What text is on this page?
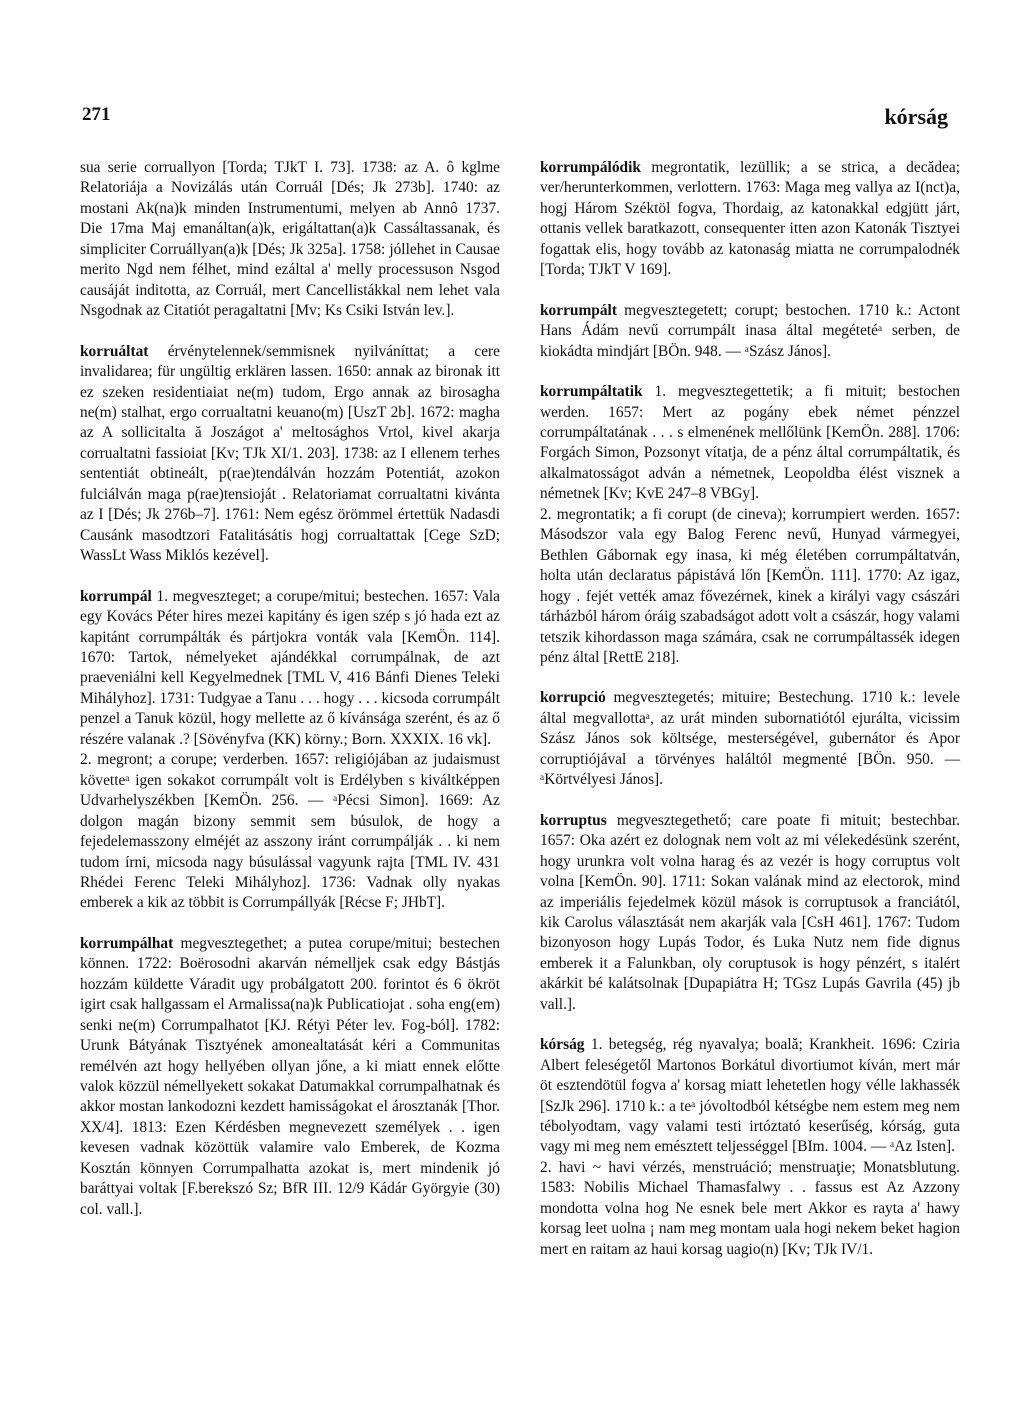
271	kórság

sua serie corruallyon [Torda; TJkT I. 73]. 1738: az A. ô kglme Relatoriája a Novizálás után Corruál [Dés; Jk 273b]. 1740: az mostani Ak(na)k minden Instrumentumi, melyen ab Annô 1737. Die 17ma Maj emanáltan(a)k, erigáltattan(a)k Cassáltassanak, és simpliciter Corruállyan(a)k [Dés; Jk 325a]. 1758: jóllehet in Causae merito Ngd nem félhet, mind ezáltal a' melly processuson Nsgod causáját inditotta, az Corruál, mert Cancellistákkal nem lehet vala Nsgodnak az Citatiót peragaltatni [Mv; Ks Csiki István lev.].

korruáltat érvénytelennek/semmisnek nyilváníttat; a cere invalidarea; für ungültig erklären lassen. 1650: annak az bironak itt ez szeken residentiaiat ne(m) tudom, Ergo annak az birosagha ne(m) stalhat, ergo corrualtatni keuano(m) [UszT 2b]. 1672: magha az A sollicitalta ă Joszágot a' meltosághos Vrtol, kivel akarja corrualtatni fassioiat [Kv; TJk XI/1. 203]. 1738: az I ellenem terhes sententiát obtineált, p(rae)tendálván hozzám Potentiát, azokon fulciálván maga p(rae)tensioját . Relatoriamat corrualtatni kivánta az I [Dés; Jk 276b–7]. 1761: Nem egész örömmel értettük Nadasdi Causánk masodtzori Fatalitásátis hogj corrualtattak [Cege SzD; WassLt Wass Miklós kezével].

korrumpál 1. megveszteget; a corupe/mitui; bestechen. 1657: Vala egy Kovács Péter hires mezei kapitány és igen szép s jó hada ezt az kapitánt corrumpálták és pártjokra vonták vala [KemÖn. 114]. 1670: Tartok, némelyeket ajándékkal corrumpálnak, de azt praeveniálni kell Kegyelmednek [TML V, 416 Bánfi Dienes Teleki Mihályhoz]. 1731: Tudgyae a Tanu . . . hogy . . . kicsoda corrumpált penzel a Tanuk közül, hogy mellette az ő kívánsága szerént, és az ő részére valanak .? [Sövényfva (KK) körny.; Born. XXXIX. 16 vk].

2. megront; a corupe; verderben. 1657: religiójában az judaismust követteᵃ igen sokakot corrumpált volt is Erdélyben s kiváltképpen Udvarhelyszékben [KemÖn. 256. — ᵃPécsi Simon]. 1669: Az dolgon magán bizony semmit sem búsulok, de hogy a fejedelemasszony elméjét az asszony iránt corrumpálják . . ki nem tudom írni, micsoda nagy búsulással vagyunk rajta [TML IV. 431 Rhédei Ferenc Teleki Mihályhoz]. 1736: Vadnak olly nyakas emberek a kik az többit is Corrumpállyák [Récse F; JHbT].

korrumpálhat megvesztegethet; a putea corupe/mitui; bestechen können. 1722: Boërosodni akarván némelljek csak edgy Bástjás hozzám küldette Váradit ugy probálgatott 200. forintot és 6 ökröt igirt csak hallgassam el Armalissa(na)k Publicatiojat . soha eng(em) senki ne(m) Corrumpalhatot [KJ. Rétyi Péter lev. Fog-ból]. 1782: Urunk Bátyának Tisztyének amonealtatását kéri a Communitas remélvén azt hogy hellyében ollyan jőne, a ki miatt ennek előtte valok közzül némellyekett sokakat Datumakkal corrumpalhatnak és akkor mostan lankodozni kezdett hamisságokat el árosztanák [Thor. XX/4]. 1813: Ezen Kérdésben megnevezett személyek . . igen kevesen vadnak közöttük valamire valo Emberek, de Kozma Kosztán könnyen Corrumpalhatta azokat is, mert mindenik jó baráttyai voltak [F.berekszó Sz; BfR III. 12/9 Kádár Györgyie (30) col. vall.].

korrumpálódik megrontatik, lezüllik; a se strica, a decădea; ver/herunterkommen, verlottern. 1763: Maga meg vallya az I(nct)a, hogj Három Széktöl fogva, Thordaig, az katonakkal edgjütt járt, ottanis vellek baratkazott, consequenter itten azon Katonák Tisztyei fogattak elis, hogy tovább az katonaság miatta ne corrumpalodnék [Torda; TJkT V 169].

korrumpált megvesztegetett; corupt; bestochen. 1710 k.: Actont Hans Ádám nevű corrumpált inasa által megétetéᵃ serben, de kiokádta mindjárt [BÖn. 948. — ᵃSzász János].

korrumpáltatik 1. megvesztegettetik; a fi mituit; bestochen werden. 1657: Mert az pogány ebek német pénzzel corrumpáltatának . . . s elmenének mellőlünk [KemÖn. 288]. 1706: Forgách Simon, Pozsonyt vítatja, de a pénz által corrumpáltatik, és alkalmatosságot adván a németnek, Leopoldba élést visznek a németnek [Kv; KvE 247–8 VBGy].

2. megrontatik; a fi corupt (de cineva); korrumpiert werden. 1657: Másodszor vala egy Balog Ferenc nevű, Hunyad vármegyei, Bethlen Gábornak egy inasa, ki még életében corrumpáltatván, holta után declaratus pápistává lőn [KemÖn. 111]. 1770: Az igaz, hogy . fejét vették amaz fővezérnek, kinek a királyi vagy császári tárházból három óráig szabadságot adott volt a császár, hogy valami tetszik kihordasson maga számára, csak ne corrumpáltassék idegen pénz által [RettE 218].

korrupció megvesztegetés; mituire; Bestechung. 1710 k.: levele által megvallottaᵃ, az urát minden subornatiótól ejurálta, vicissim Szász János sok költsége, mesterségével, gubernátor és Apor corruptiójával a törvényes haláltól megmenté [BÖn. 950. — ᵃKörtvélyesi János].

korruptus megvesztegethető; care poate fi mituit; bestechbar. 1657: Oka azért ez dolognak nem volt az mi vélekedésünk szerént, hogy urunkra volt volna harag és az vezér is hogy corruptus volt volna [KemÖn. 90]. 1711: Sokan valának mind az electorok, mind az imperiális fejedelmek közül mások is corruptusok a franciától, kik Carolus választását nem akarják vala [CsH 461]. 1767: Tudom bizonyoson hogy Lupás Todor, és Luka Nutz nem fide dignus emberek it a Falunkban, oly coruptusok is hogy pénzért, s italért akárkit bé kalátsolnak [Dupapiátra H; TGsz Lupás Gavrila (45) jb vall.].

kórság 1. betegség, rég nyavalya; boală; Krankheit. 1696: Cziria Albert feleségetől Martonos Borkátul divortiumot kíván, mert már öt esztendötül fogva a' korsag miatt lehetetlen hogy vélle lakhassék [SzJk 296]. 1710 k.: a teᵃ jóvoltodból kétségbe nem estem meg nem tébolyodtam, vagy valami testi irtóztató keserűség, kórság, guta vagy mi meg nem emésztett teljességgel [BIm. 1004. — ᵃAz Isten].

2. havi ~ havi vérzés, menstruáció; menstruaţie; Monatsblutung. 1583: Nobilis Michael Thamasfalwy . . fassus est Az Azzony mondotta volna hog Ne esnek bele mert Akkor es rayta a' hawy korsag leet uolna ¡ nam meg montam uala hogi nekem beket hagion mert en raitam az haui korsag uagio(n) [Kv; TJk IV/1.
